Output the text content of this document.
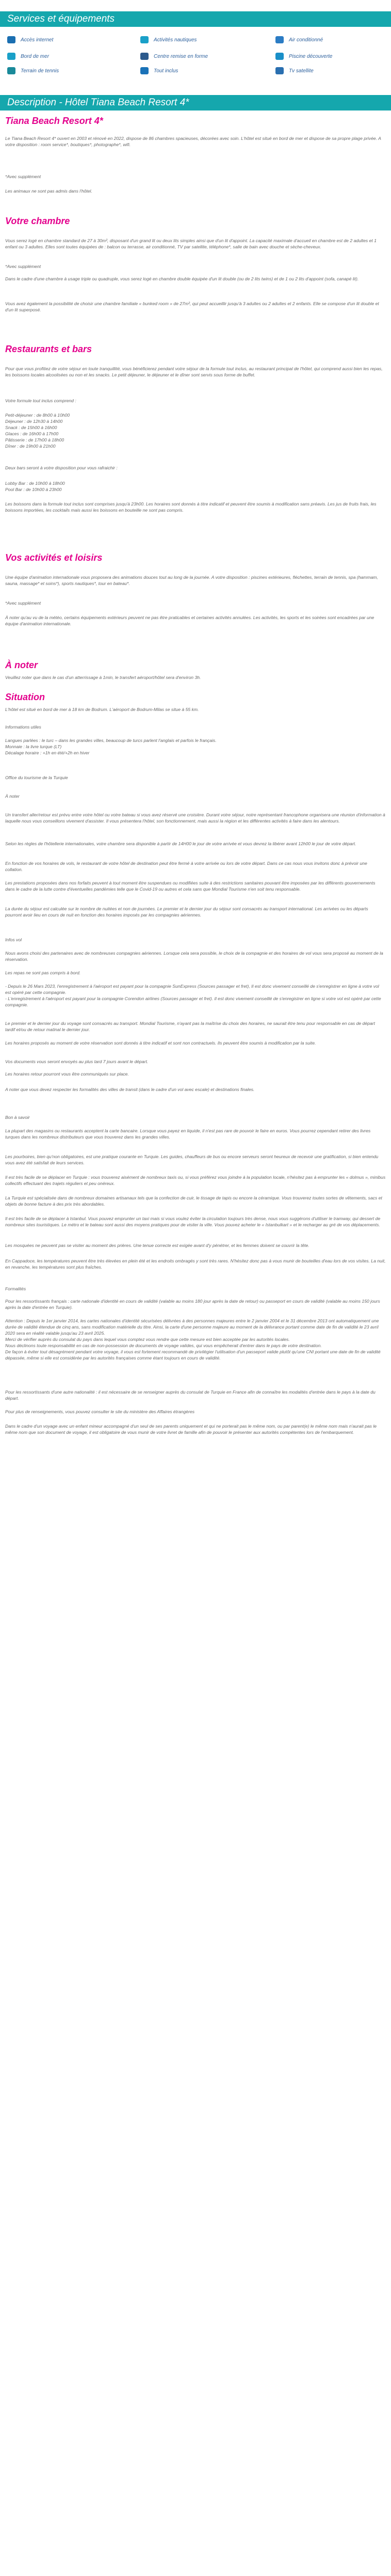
Services et équipements
Accès internet	Activités nautiques	Air conditionné
Bord de mer	Centre remise en forme	Piscine découverte
Terrain de tennis	Tout inclus	Tv satellite
Description - Hôtel Tiana Beach Resort 4*
Tiana Beach Resort 4*

Le Tiana Beach Resort 4* ouvert en 2003 et rénové en 2022, dispose de 86 chambres spacieuses, décorées avec soin. L'hôtel est situé en bord de mer et dispose de sa propre plage privée. A votre disposition : room service*, boutiques*, photographe*, wifi.

*Avec supplément

Les animaux ne sont pas admis dans l'hôtel.

Votre chambre

Vous serez logé en chambre standard de 27 à 30m², disposant d'un grand lit ou deux lits simples ainsi que d'un lit d'appoint. La capacité maximale d'accueil en chambre est de 2 adultes et 1 enfant ou 3 adultes. Elles sont toutes équipées de : balcon ou terrasse, air conditionné, TV par satellite, téléphone*, salle de bain avec douche et sèche-cheveux.

*Avec supplément

Dans le cadre d'une chambre à usage triple ou quadruple, vous serez logé en chambre double équipée d'un lit double (ou de 2 lits twins) et de 1 ou 2 lits d'appoint (sofa, canapé lit).

Vous avez également la possibilité de choisir une chambre familiale « bunked room » de 27m², qui peut accueillir jusqu'à 3 adultes ou 2 adultes et 2 enfants. Elle se compose d'un lit double et d'un lit superposé.

Restaurants et bars

Pour que vous profitiez de votre séjour en toute tranquillité, vous bénéficierez pendant votre séjour de la formule tout inclus, au restaurant principal de l'hôtel, qui comprend aussi bien les repas, les boissons locales alcoolisées ou non et les snacks. Le petit déjeuner, le déjeuner et le dîner sont servis sous forme de buffet.

Votre formule tout inclus comprend :

Petit-déjeuner : de 8h00 à 10h00
Déjeuner : de 12h30 à 14h00
Snack : de 15h00 à 16h00
Glaces : de 16h00 à 17h00
Pâtisserie : de 17h00 à 18h00
Dîner : de 19h00 à 21h00

Deux bars seront à votre disposition pour vous rafraichir :

Lobby Bar : de 10h00 à 18h00
Pool Bar : de 10h00 à 23h00

Les boissons dans la formule tout inclus sont comprises jusqu'à 23h00. Les horaires sont donnés à titre indicatif et peuvent être soumis à modification sans préavis. Les jus de fruits frais, les boissons importées, les cocktails mais aussi les boissons en bouteille ne sont pas compris.

Vos activités et loisirs

Une équipe d'animation internationale vous proposera des animations douces tout au long de la journée. A votre disposition : piscines extérieures, fléchettes, terrain de tennis, spa (hammam, sauna, massage* et soins*), sports nautiques*, tour en bateau*.

*Avec supplément

À noter qu'au vu de la météo, certains équipements extérieurs peuvent ne pas être praticables et certaines activités annulées. Les activités, les sports et les soirées sont encadrées par une équipe d'animation internationale.

À noter

Veuillez noter que dans le cas d'un atterrissage à 1min, le transfert aéroport/hôtel sera d'environ 3h.

Situation

L'hôtel est situé en bord de mer à 18 km de Bodrum. L'aéroport de Bodrum-Milas se situe à 55 km.

Informations utiles

Langues parlées : le turc – dans les grandes villes, beaucoup de turcs parlent l'anglais et parfois le français.
Monnaie : la livre turque (LT)
Décalage horaire : +1h en été/+2h en hiver

Office du tourisme de la Turquie

À noter

Un transfert aller/retour est prévu entre votre hôtel ou votre bateau si vous avez réservé une croisière. Durant votre séjour, notre représentant francophone organisera une réunion d'information à laquelle nous vous conseillons vivement d'assister. Il vous présentera l'hôtel, son fonctionnement, mais aussi la région et les différentes activités à faire dans les alentours.

Selon les règles de l'hôtellerie internationales, votre chambre sera disponible à partir de 14H00 le jour de votre arrivée et vous devrez la libérer avant 12h00 le jour de votre départ.

En fonction de vos horaires de vols, le restaurant de votre hôtel de destination peut être fermé à votre arrivée ou lors de votre départ. Dans ce cas nous vous invitons donc à prévoir une collation.

Les prestations proposées dans nos forfaits peuvent à tout moment être suspendues ou modifiées suite à des restrictions sanitaires pouvant être imposées par les différents gouvernements dans le cadre de la lutte contre d'éventuelles pandémies telle que le Covid-19 ou autres et cela sans que Mondial Tourisme n'en soit tenu responsable.

La durée du séjour est calculée sur le nombre de nuitées et non de journées. Le premier et le dernier jour du séjour sont consacrés au transport international. Les arrivées ou les départs pourront avoir lieu en cours de nuit en fonction des horaires imposés par les compagnies aériennes.

Infos vol

Nous avons choisi des partenaires avec de nombreuses compagnies aériennes. Lorsque cela sera possible, le choix de la compagnie et des horaires de vol vous sera proposé au moment de la réservation.

Les repas ne sont pas compris à bord.

- Depuis le 26 Mars 2023, l'enregistrement à l'aéroport est payant pour la compagnie SunExpress (Sources passager et fret), Il est donc vivement conseillé de s'enregistrer en ligne à votre vol est opéré par cette compagnie.
- L'enregistrement à l'aéroport est payant pour la compagnie Corendon airlines (Sources passager et fret). Il est donc vivement conseillé de s'enregistrer en ligne si votre vol est opéré par cette compagnie.

Le premier et le dernier jour du voyage sont consacrés au transport. Mondial Tourisme, n'ayant pas la maîtrise du choix des horaires, ne saurait être tenu pour responsable en cas de départ tardif et/ou de retour matinal le dernier jour.

Les horaires proposés au moment de votre réservation sont donnés à titre indicatif et sont non contractuels. Ils peuvent être soumis à modification par la suite.

Vos documents vous seront envoyés au plus tard 7 jours avant le départ.

Les horaires retour pourront vous être communiqués sur place.

A noter que vous devez respecter les formalités des villes de transit (dans le cadre d'un vol avec escale) et destinations finales.

Bon à savoir

La plupart des magasins ou restaurants acceptent la carte bancaire. Lorsque vous payez en liquide, il n'est pas rare de pouvoir le faire en euros. Vous pourrez cependant retirer des livres turques dans les nombreux distributeurs que vous trouverez dans les grandes villes.

Les pourboires, bien qu'non obligatoires, est une pratique courante en Turquie. Les guides, chauffeurs de bus ou encore serveurs seront heureux de recevoir une gratification, si bien entendu vous avez été satisfait de leurs services.

Il est très facile de se déplacer en Turquie : vous trouverez aisément de nombreux taxis ou, si vous préférez vous joindre à la population locale, n'hésitez pas à emprunter les « dolmus », minibus collectifs effectuant des trajets réguliers et peu onéreux.

La Turquie est spécialisée dans de nombreux domaines artisanaux tels que la confection de cuir, le tissage de tapis ou encore la céramique. Vous trouverez toutes sortes de vêtements, sacs et objets de bonne facture à des prix très abordables.

Il est très facile de se déplacer à Istanbul. Vous pouvez emprunter un taxi mais si vous voulez éviter la circulation toujours très dense, nous vous suggérons d'utiliser le tramway, qui dessert de nombreux sites touristiques. Le métro et le bateau sont aussi des moyens pratiques pour de visiter la ville. Vous pouvez acheter le « Istanbulkart » et le recharger au gré de vos déplacements.

Les mosquées ne peuvent pas se visiter au moment des prières. Une tenue correcte est exigée avant d'y pénétrer, et les femmes doivent se couvrir la tête.

En Cappadoce, les températures peuvent être très élevées en plein été et les endroits ombragés y sont très rares. N'hésitez donc pas à vous munir de bouteilles d'eau lors de vos visites. La nuit, en revanche, les températures sont plus fraîches.

Formalités

Pour les ressortissants français : carte nationale d'identité en cours de validité (valable au moins 180 jour après la date de retour) ou passeport en cours de validité (valable au moins 150 jours après la date d'entrée en Turquie).

Attention : Depuis le 1er janvier 2014, les cartes nationales d'identité sécurisées délivrées à des personnes majeures entre le 2 janvier 2004 et le 31 décembre 2013 ont automatiquement une durée de validité étendue de cinq ans, sans modification matérielle du titre. Ainsi, la carte d'une personne majeure au moment de la délivrance portant comme date de fin de validité le 23 avril 2020 sera en réalité valable jusqu'au 23 avril 2025.
Merci de vérifier auprès du consulat du pays dans lequel vous comptez vous rendre que cette mesure est bien acceptée par les autorités locales.
Nous déclinons toute responsabilité en cas de non-possession de documents de voyage valides, qui vous empêcherait d'entrer dans le pays de votre destination.
De façon à éviter tout désagrément pendant votre voyage, il vous est fortement recommandé de privilégier l'utilisation d'un passeport valide plutôt qu'une CNI portant une date de fin de validité dépassée, même si elle est considérée par les autorités françaises comme étant toujours en cours de validité.

Pour les ressortissants d'une autre nationalité : il est nécessaire de se renseigner auprès du consulat de Turquie en France afin de connaître les modalités d'entrée dans le pays à la date du départ.

Pour plus de renseignements, vous pouvez consulter le site du ministère des Affaires étrangères

Dans le cadre d'un voyage avec un enfant mineur accompagné d'un seul de ses parents uniquement et qui ne porterait pas le même nom, ou par parent(e) le même nom mais n'aurait pas le même nom que son document de voyage, il est obligatoire de vous munir de votre livret de famille afin de pouvoir le présenter aux autorités compétentes lors de l'embarquement.
